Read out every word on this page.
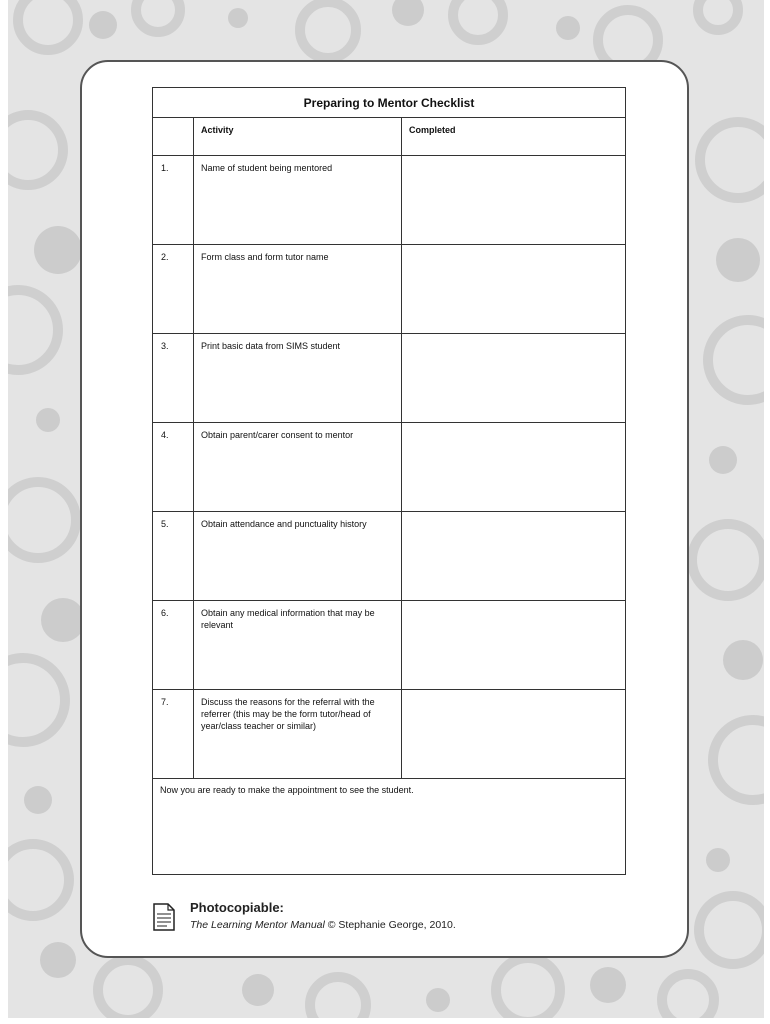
Preparing to Mentor Checklist		

	Activity	Completed

1.	Name of student being mentored	

2.	Form class and form tutor name	

3.	Print basic data from SIMS student	

4.	Obtain parent/carer consent to mentor	

5.	Obtain attendance and punctuality history	

6.	Obtain any medical information that may be relevant	

7.	Discuss the reasons for the referral with the referrer (this may be the form tutor/head of year/class teacher or similar)	

Now you are ready to make the appointment to see the student.		
Photocopiable:
The Learning Mentor Manual © Stephanie George, 2010.
